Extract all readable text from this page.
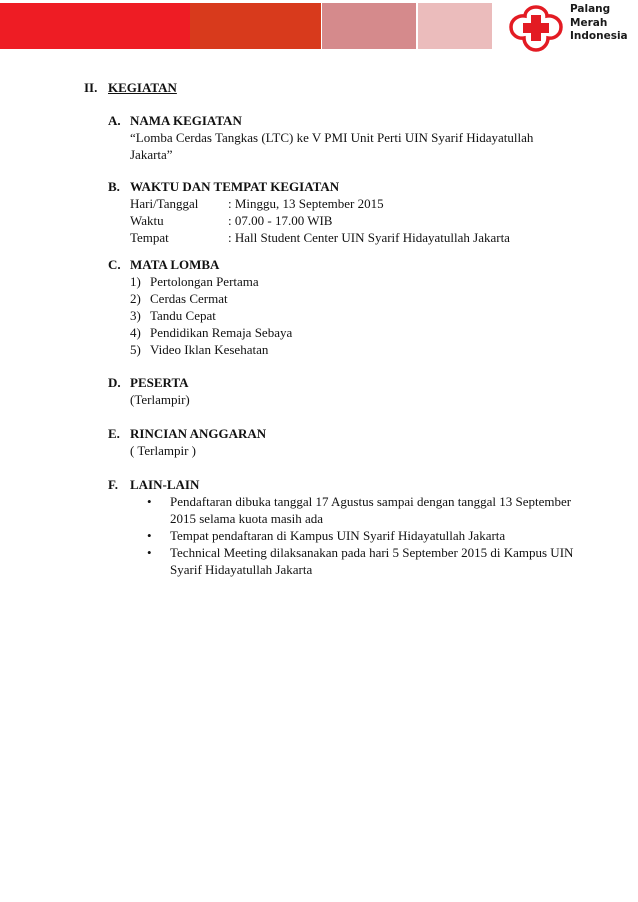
Palang
Merah
Indonesia
II. KEGIATAN
A. NAMA KEGIATAN
“Lomba Cerdas Tangkas (LTC) ke V PMI Unit Perti UIN Syarif Hidayatullah
Jakarta”
B. WAKTU DAN TEMPAT KEGIATAN
Hari/Tanggal : Minggu, 13 September 2015
Waktu	: 07.00 - 17.00 WIB
Tempat	: Hall Student Center UIN Syarif Hidayatullah Jakarta
C. MATA LOMBA
1) Pertolongan Pertama
2) Cerdas Cermat
3) Tandu Cepat
4) Pendidikan Remaja Sebaya
5) Video Iklan Kesehatan
D. PESERTA
(Terlampir)
E. RINCIAN ANGGARAN
( Terlampir )
F. LAIN-LAIN
• Pendaftaran dibuka tanggal 17 Agustus sampai dengan tanggal 13 September
2015 selama kuota masih ada
• Tempat pendaftaran di Kampus UIN Syarif Hidayatullah Jakarta
• Technical Meeting dilaksanakan pada hari 5 September 2015 di Kampus UIN
Syarif Hidayatullah Jakarta
